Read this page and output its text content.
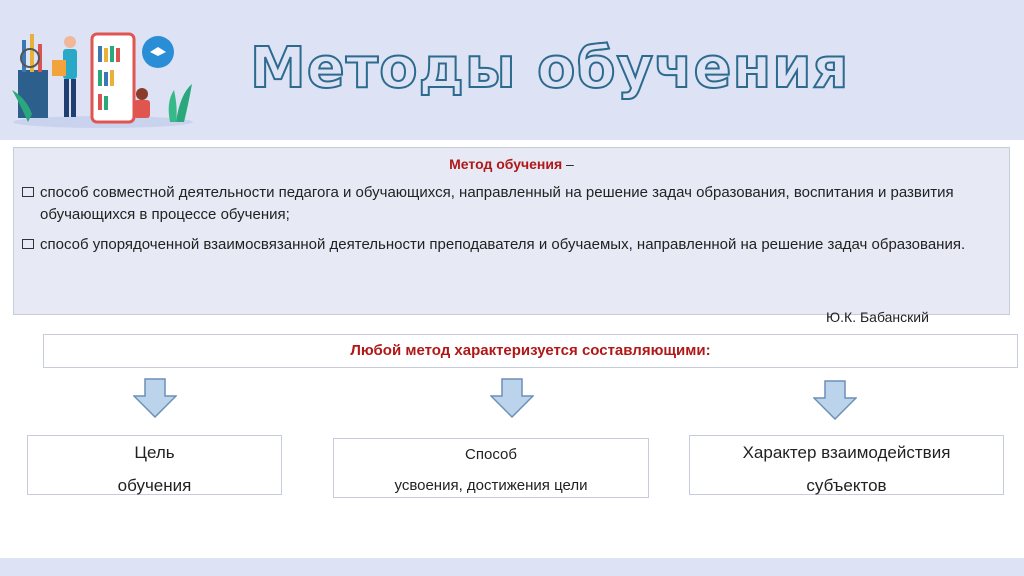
Методы обучения
Метод обучения –
способ совместной деятельности педагога и обучающихся, направленный на решение задач образования, воспитания и развития обучающихся в процессе обучения;
способ упорядоченной взаимосвязанной деятельности преподавателя и обучаемых, направленной на решение задач образования.
Ю.К. Бабанский
Любой метод характеризуется составляющими:
Цель
обучения
Способ
усвоения, достижения цели
Характер взаимодействия
субъектов
